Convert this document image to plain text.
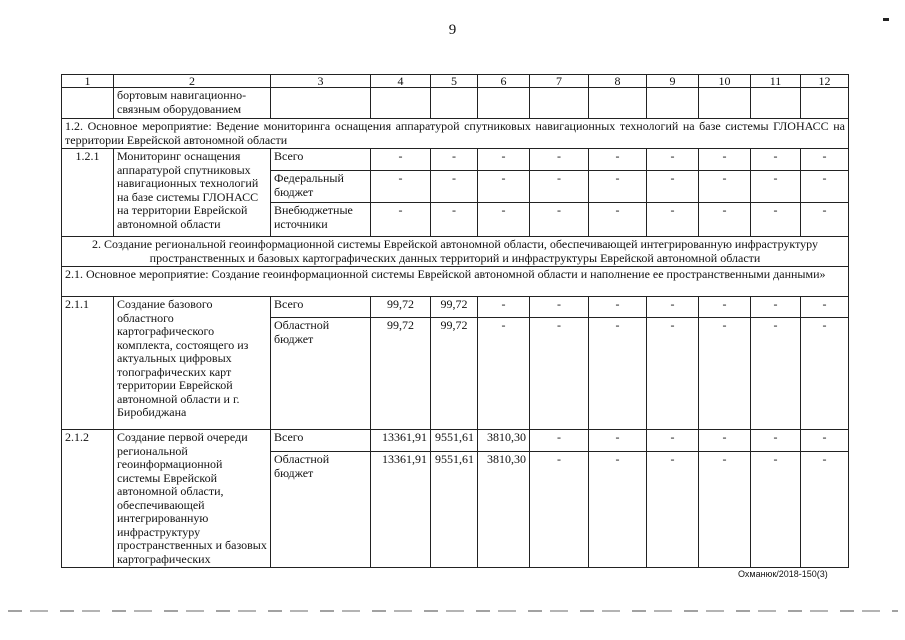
9
1	2	3	4	5	6	7	8	9	10	11	12
	бортовым навигационно-связным оборудованием										
1.2. Основное мероприятие: Ведение мониторинга оснащения аппаратурой спутниковых навигационных технологий на базе системы ГЛОНАСС на территории Еврейской автономной области											
1.2.1	Мониторинг оснащения аппаратурой спутниковых навигационных технологий на базе системы ГЛОНАСС на территории Еврейской автономной области	Всего	-	-	-	-	-	-	-	-	-
		Федеральный бюджет	-	-	-	-	-	-	-	-	-
		Внебюджетные источники	-	-	-	-	-	-	-	-	-
2. Создание региональной геоинформационной системы Еврейской автономной области, обеспечивающей интегрированную инфраструктуру пространственных и базовых картографических данных территорий и инфраструктуры Еврейской автономной области											
2.1. Основное мероприятие: Создание геоинформационной системы Еврейской автономной области и наполнение ее пространственными данными»											
2.1.1	Создание базового областного картографического комплекта, состоящего из актуальных цифровых топографических карт территории Еврейской автономной области и г. Биробиджана	Всего	99,72	99,72	-	-	-	-	-	-	-
		Областной бюджет	99,72	99,72	-	-	-	-	-	-	-
2.1.2	Создание первой очереди региональной геоинформационной системы Еврейской автономной области, обеспечивающей интегрированную инфраструктуру пространственных и базовых картографических	Всего	13361,91	9551,61	3810,30	-	-	-	-	-	-
		Областной бюджет	13361,91	9551,61	3810,30	-	-	-	-	-	-
Охманюк/2018-150(3)
